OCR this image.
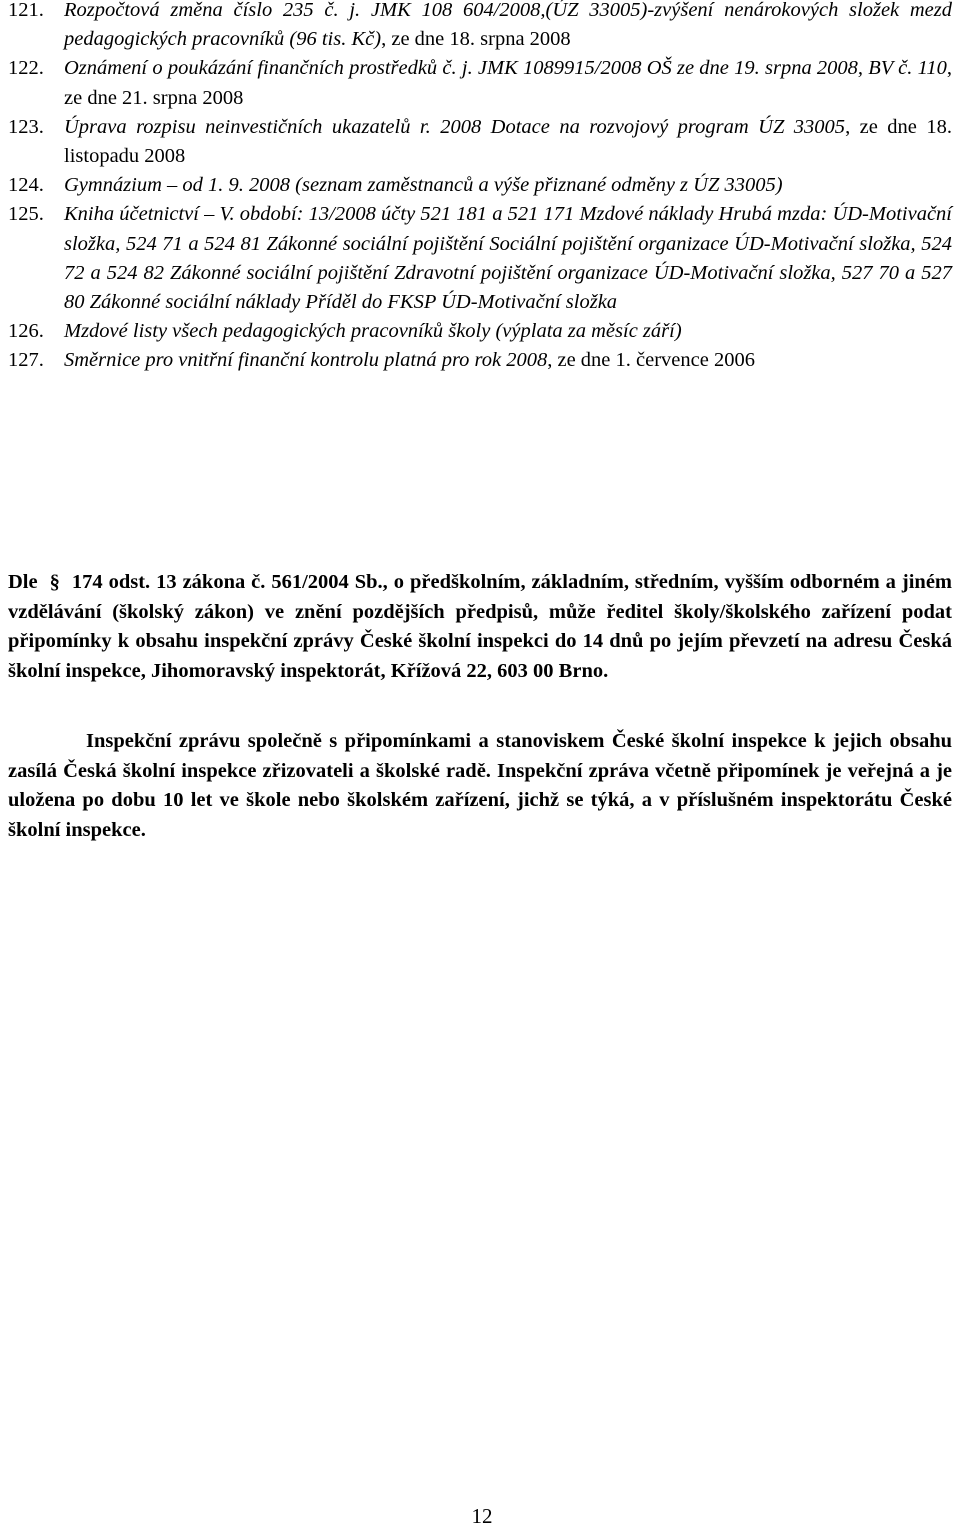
121. Rozpočtová změna číslo 235 č. j. JMK 108 604/2008,(ÚZ 33005)-zvýšení nenárokových složek mezd pedagogických pracovníků (96 tis. Kč), ze dne 18. srpna 2008
122. Oznámení o poukázání finančních prostředků č. j. JMK 1089915/2008 OŠ ze dne 19. srpna 2008, BV č. 110, ze dne 21. srpna 2008
123. Úprava rozpisu neinvestičních ukazatelů r. 2008 Dotace na rozvojový program ÚZ 33005, ze dne 18. listopadu 2008
124. Gymnázium – od 1. 9. 2008 (seznam zaměstnanců a výše přiznané odměny z ÚZ 33005)
125. Kniha účetnictví – V. období: 13/2008 účty 521 181 a 521 171 Mzdové náklady Hrubá mzda: ÚD-Motivační složka, 524 71 a 524 81 Zákonné sociální pojištění Sociální pojištění organizace ÚD-Motivační složka, 524 72 a 524 82 Zákonné sociální pojištění Zdravotní pojištění organizace ÚD-Motivační složka, 527 70 a 527 80 Zákonné sociální náklady Příděl do FKSP ÚD-Motivační složka
126. Mzdové listy všech pedagogických pracovníků školy (výplata za měsíc září)
127. Směrnice pro vnitřní finanční kontrolu platná pro rok 2008, ze dne 1. července 2006
Dle § 174 odst. 13 zákona č. 561/2004 Sb., o předškolním, základním, středním, vyšším odborném a jiném vzdělávání (školský zákon) ve znění pozdějších předpisů, může ředitel školy/školského zařízení podat připomínky k obsahu inspekční zprávy České školní inspekci do 14 dnů po jejím převzetí na adresu Česká školní inspekce, Jihomoravský inspektorát, Křížová 22, 603 00 Brno.
Inspekční zprávu společně s připomínkami a stanoviskem České školní inspekce k jejich obsahu zasílá Česká školní inspekce zřizovateli a školské radě. Inspekční zpráva včetně připomínek je veřejná a je uložena po dobu 10 let ve škole nebo školském zařízení, jichž se týká, a v příslušném inspektorátu České školní inspekce.
12
